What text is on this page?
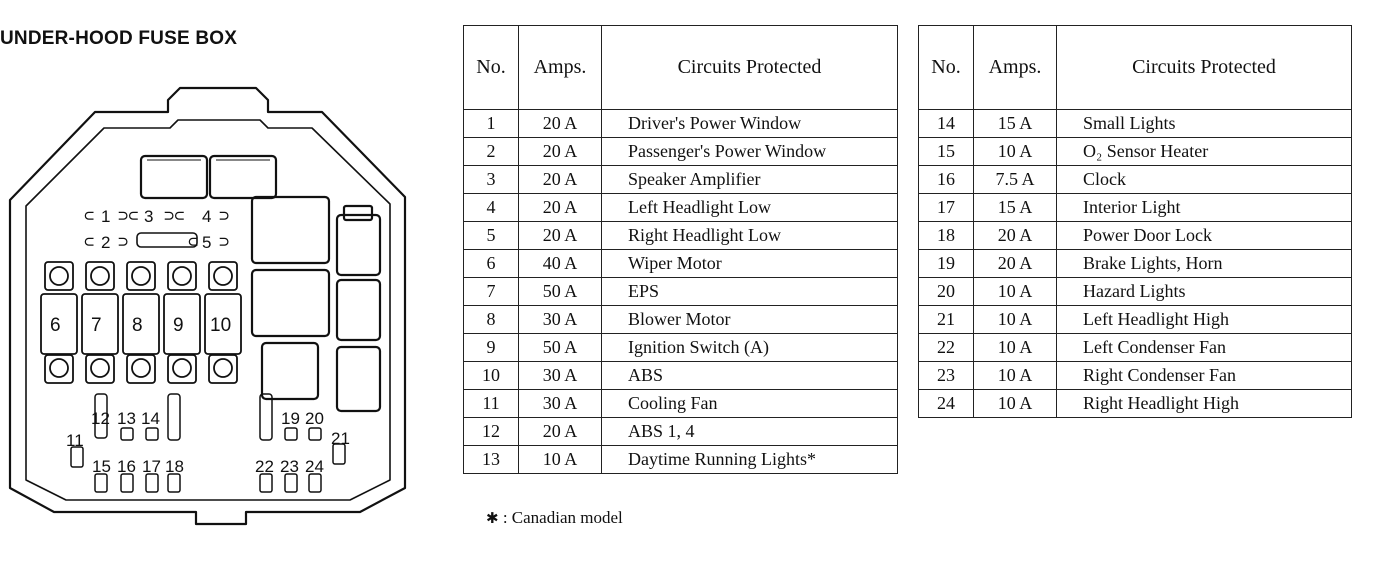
UNDER-HOOD FUSE BOX
⊂ ⊃⊂ ⊃⊂ ⊃
⊂ ⊃	⊂ ⊃
1 3	4
2	5
6 7 8 9 10
12 13 14
11
15 16 17 18
19 20
21
22 23 24
No.	Amps.	Circuits Protected
1	20 A	Driver's Power Window
2	20 A	Passenger's Power Window
3	20 A	Speaker Amplifier
4	20 A	Left Headlight Low
5	20 A	Right Headlight Low
6	40 A	Wiper Motor
7	50 A	EPS
8	30 A	Blower Motor
9	50 A	Ignition Switch (A)
10	30 A	ABS
11	30 A	Cooling Fan
12	20 A	ABS 1, 4
13	10 A	Daytime Running Lights*
No.	Amps.	Circuits Protected
14	15 A	Small Lights
15	10 A	O₂ Sensor Heater
16	7.5 A	Clock
17	15 A	Interior Light
18	20 A	Power Door Lock
19	20 A	Brake Lights, Horn
20	10 A	Hazard Lights
21	10 A	Left Headlight High
22	10 A	Left Condenser Fan
23	10 A	Right Condenser Fan
24	10 A	Right Headlight High
✱ : Canadian model
